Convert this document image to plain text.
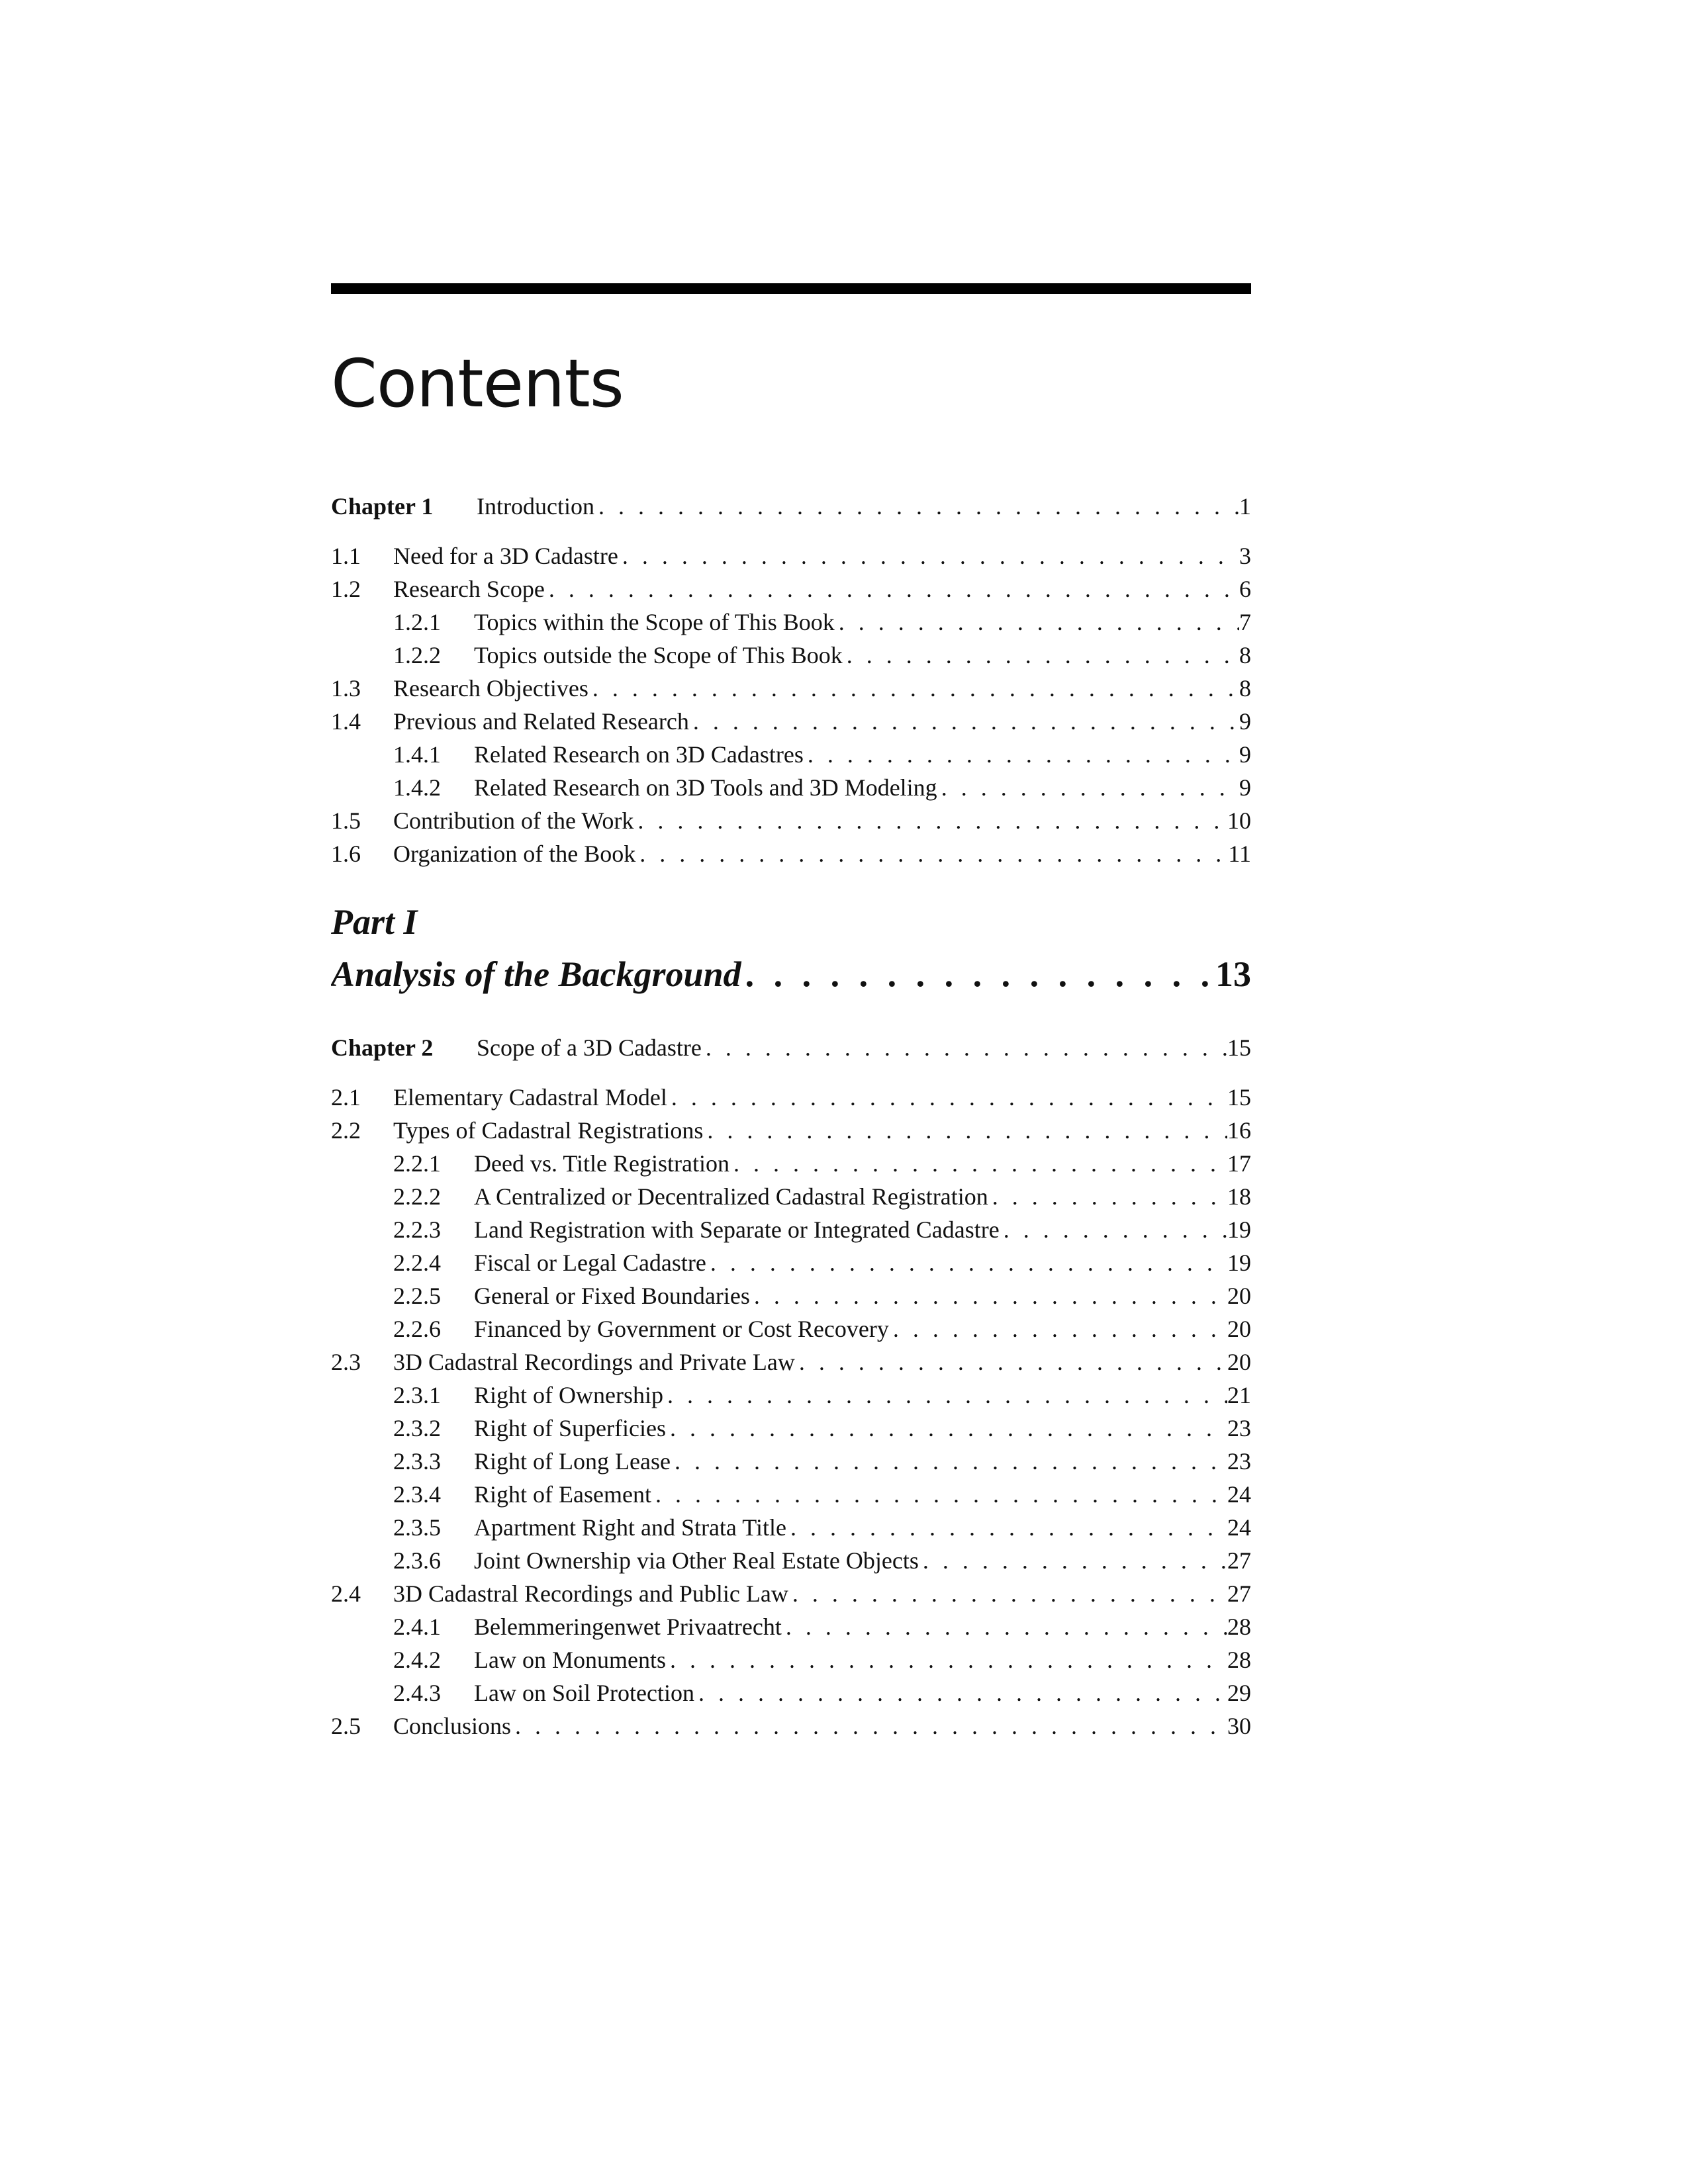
Contents
Chapter 1 Introduction . . .	1
1.1 Need for a 3D Cadastre . . .	3
1.2 Research Scope . . .	6
1.2.1 Topics within the Scope of This Book . . .	7
1.2.2 Topics outside the Scope of This Book . . .	8
1.3 Research Objectives . . .	8
1.4 Previous and Related Research . . .	9
1.4.1 Related Research on 3D Cadastres . . .	9
1.4.2 Related Research on 3D Tools and 3D Modeling . . .	9
1.5 Contribution of the Work . . .	10
1.6 Organization of the Book . . .	11
Part I
Analysis of the Background . . .	13
Chapter 2 Scope of a 3D Cadastre . . .	15
2.1 Elementary Cadastral Model . . .	15
2.2 Types of Cadastral Registrations . . .	16
2.2.1 Deed vs. Title Registration . . .	17
2.2.2 A Centralized or Decentralized Cadastral Registration . . .	18
2.2.3 Land Registration with Separate or Integrated Cadastre . . .	19
2.2.4 Fiscal or Legal Cadastre . . .	19
2.2.5 General or Fixed Boundaries . . .	20
2.2.6 Financed by Government or Cost Recovery . . .	20
2.3 3D Cadastral Recordings and Private Law . . .	20
2.3.1 Right of Ownership . . .	21
2.3.2 Right of Superficies . . .	23
2.3.3 Right of Long Lease . . .	23
2.3.4 Right of Easement . . .	24
2.3.5 Apartment Right and Strata Title . . .	24
2.3.6 Joint Ownership via Other Real Estate Objects . . .	27
2.4 3D Cadastral Recordings and Public Law . . .	27
2.4.1 Belemmeringenwet Privaatrecht . . .	28
2.4.2 Law on Monuments . . .	28
2.4.3 Law on Soil Protection . . .	29
2.5 Conclusions . . .	30
